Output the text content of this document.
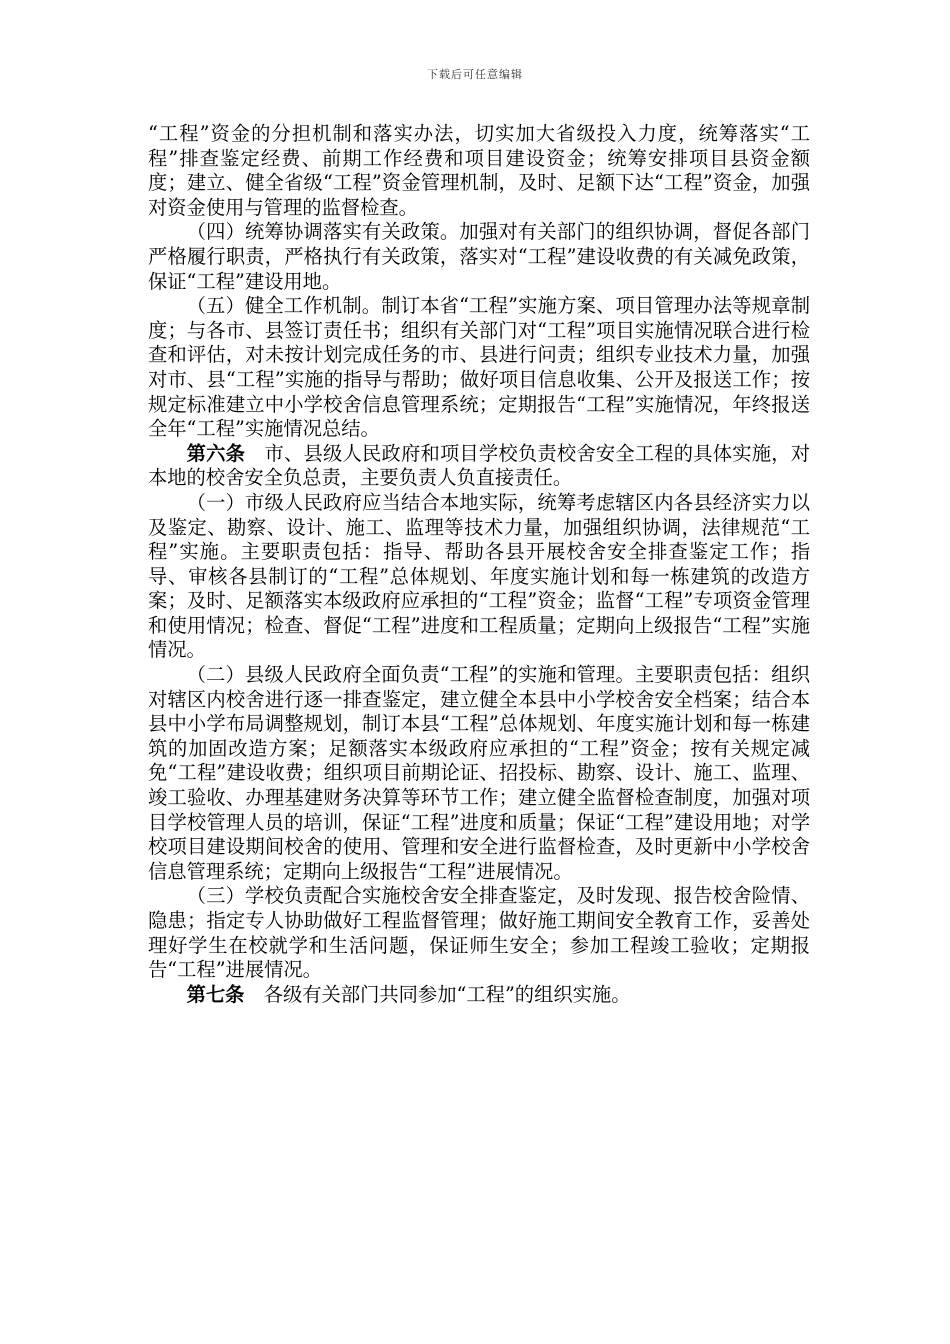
下载后可任意编辑

“工程”资金的分担机制和落实办法，切实加大省级投入力度，统筹落实“工程”排查鉴定经费、前期工作经费和项目建设资金；统筹安排项目县资金额度；建立、健全省级“工程”资金管理机制，及时、足额下达“工程”资金，加强对资金使用与管理的监督检查。

（四）统筹协调落实有关政策。加强对有关部门的组织协调，督促各部门严格履行职责，严格执行有关政策，落实对“工程”建设收费的有关减免政策，保证“工程”建设用地。

（五）健全工作机制。制订本省“工程”实施方案、项目管理办法等规章制度；与各市、县签订责任书；组织有关部门对“工程”项目实施情况联合进行检查和评估，对未按计划完成任务的市、县进行问责；组织专业技术力量，加强对市、县“工程”实施的指导与帮助；做好项目信息收集、公开及报送工作；按规定标准建立中小学校舍信息管理系统；定期报告“工程”实施情况，年终报送全年“工程”实施情况总结。

第六条　市、县级人民政府和项目学校负责校舍安全工程的具体实施，对本地的校舍安全负总责，主要负责人负直接责任。

（一）市级人民政府应当结合本地实际，统筹考虑辖区内各县经济实力以及鉴定、勘察、设计、施工、监理等技术力量，加强组织协调，法律规范“工程”实施。主要职责包括：指导、帮助各县开展校舍安全排查鉴定工作；指导、审核各县制订的“工程”总体规划、年度实施计划和每一栋建筑的改造方案；及时、足额落实本级政府应承担的“工程”资金；监督“工程”专项资金管理和使用情况；检查、督促“工程”进度和工程质量；定期向上级报告“工程”实施情况。

（二）县级人民政府全面负责“工程”的实施和管理。主要职责包括：组织对辖区内校舍进行逐一排查鉴定，建立健全本县中小学校舍安全档案；结合本县中小学布局调整规划，制订本县“工程”总体规划、年度实施计划和每一栋建筑的加固改造方案；足额落实本级政府应承担的“工程”资金；按有关规定减免“工程”建设收费；组织项目前期论证、招投标、勘察、设计、施工、监理、竣工验收、办理基建财务决算等环节工作；建立健全监督检查制度，加强对项目学校管理人员的培训，保证“工程”进度和质量；保证“工程”建设用地；对学校项目建设期间校舍的使用、管理和安全进行监督检查，及时更新中小学校舍信息管理系统；定期向上级报告“工程”进展情况。

（三）学校负责配合实施校舍安全排查鉴定，及时发现、报告校舍险情、隐患；指定专人协助做好工程监督管理；做好施工期间安全教育工作，妥善处理好学生在校就学和生活问题，保证师生安全；参加工程竣工验收；定期报告“工程”进展情况。

第七条　各级有关部门共同参加“工程”的组织实施。
